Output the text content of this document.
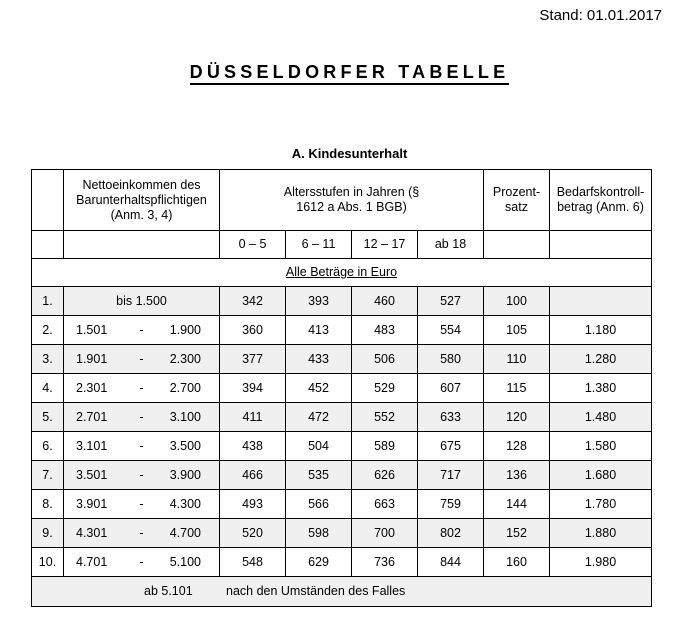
Stand: 01.01.2017
DÜSSELDORFER TABELLE
A. Kindesunterhalt
	Nettoeinkommen des Barunterhaltspflichtigen (Anm. 3, 4)	Altersstufen in Jahren (§ 1612 a Abs. 1 BGB)				Prozent-satz	Bedarfskontroll-betrag (Anm. 6)

		0 – 5	6 – 11	12 – 17	ab 18		
Alle Beträge in Euro							
1.	bis 1.500	342	393	460	527	100	
2.	1.501 - 1.900	360	413	483	554	105	1.180
3.	1.901 - 2.300	377	433	506	580	110	1.280
4.	2.301 - 2.700	394	452	529	607	115	1.380
5.	2.701 - 3.100	411	472	552	633	120	1.480
6.	3.101 - 3.500	438	504	589	675	128	1.580
7.	3.501 - 3.900	466	535	626	717	136	1.680
8.	3.901 - 4.300	493	566	663	759	144	1.780
9.	4.301 - 4.700	520	598	700	802	152	1.880
10.	4.701 - 5.100	548	629	736	844	160	1.980

ab 5.101 nach den Umständen des Falles							
